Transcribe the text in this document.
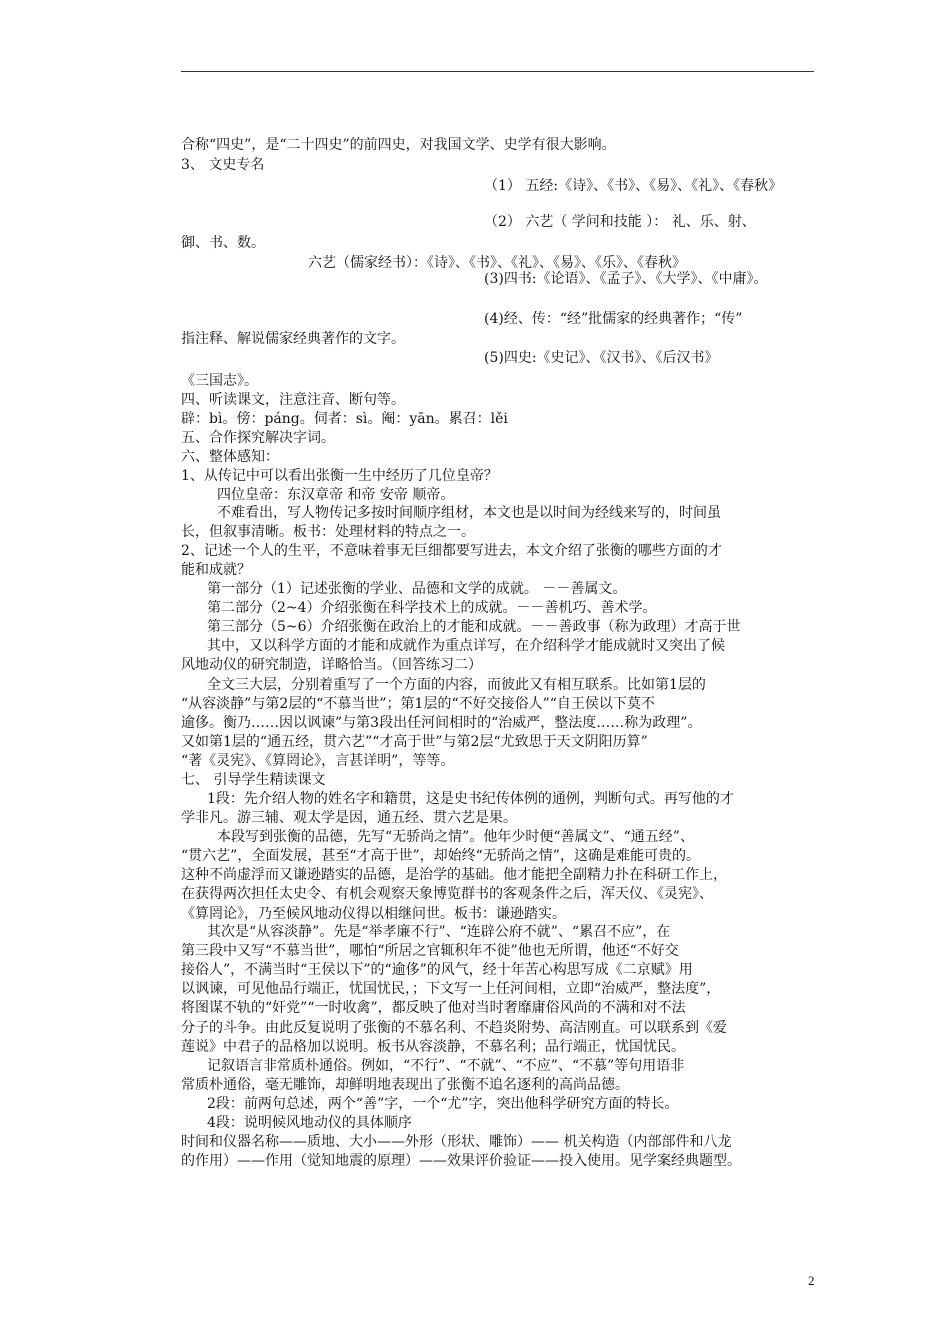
合称“四史”，是“二十四史”的前四史，对我国文学、史学有很大影响。
3、 文史专名
（1） 五经:《诗》、《书》、《易》、《礼》、《春秋》
（2） 六艺（ 学问和技能 ）： 礼、乐、射、
御、书、数。
六艺（儒家经书）：《诗》、《书》、《礼》、《易》、《乐》、《春秋》
(3)四书:《论语》、《孟子》、《大学》、《中庸》。
(4)经、传：“经”批儒家的经典著作；“传”
指注释、解说儒家经典著作的文字。
(5)四史:《史记》、《汉书》、《后汉书》
《三国志》。
四、听读课文，注意注音、断句等。
辟：bì。傍：páng。伺者：sì。阉：yān。累召：lěi
五、合作探究解决字词。
六、整体感知：
1、从传记中可以看出张衡一生中经历了几位皇帝？
四位皇帝：东汉章帝 和帝 安帝 顺帝。
不难看出，写人物传记多按时间顺序组材，本文也是以时间为经线来写的，时间虽
长，但叙事清晰。板书：处理材料的特点之一。
2、记述一个人的生平，不意味着事无巨细都要写进去，本文介绍了张衡的哪些方面的才
能和成就？
第一部分（1）记述张衡的学业、品德和文学的成就。 －－善属文。
第二部分（2~4）介绍张衡在科学技术上的成就。－－善机巧、善术学。
第三部分（5~6）介绍张衡在政治上的才能和成就。－－善政事（称为政理）才高于世
其中，又以科学方面的才能和成就作为重点详写，在介绍科学才能成就时又突出了候
风地动仪的研究制造，详略恰当。（回答练习二）
全文三大层，分别着重写了一个方面的内容，而彼此又有相互联系。比如第1层的
“从容淡静”与第2层的“不慕当世”；第1层的“不好交接俗人”“自王侯以下莫不
逾侈。衡乃……因以讽谏”与第3段出任河间相时的“治威严，整法度……称为政理”。
又如第1层的“通五经，贯六艺”“才高于世”与第2层“尤致思于天文阴阳历算”
“著《灵宪》、《算罔论》，言甚详明”，等等。
七、 引导学生精读课文
1段：先介绍人物的姓名字和籍贯，这是史书纪传体例的通例，判断句式。再写他的才
学非凡。游三辅、观太学是因，通五经、贯六艺是果。
本段写到张衡的品德，先写“无骄尚之情”。他年少时便“善属文”、“通五经”、
“贯六艺”，全面发展，甚至“才高于世”，却始终“无骄尚之情”，这确是难能可贵的。
这种不尚虚浮而又谦逊踏实的品德，是治学的基础。他才能把全副精力扑在科研工作上，
在获得两次担任太史令、有机会观察天象博览群书的客观条件之后，浑天仪、《灵宪》、
《算罔论》，乃至候风地动仪得以相继问世。板书：谦逊踏实。
其次是“从容淡静”。先是“举孝廉不行”、“连辟公府不就”、“累召不应”，在
第三段中又写“不慕当世”，哪怕“所居之官辄积年不徙”他也无所谓，他还“不好交
接俗人”，不满当时“王侯以下”的“逾侈”的风气，经十年苦心构思写成《二京赋》用
以讽谏，可见他品行端正，忧国忧民，；下文写一上任河间相，立即“治威严，整法度”，
将图谋不轨的“奸党”“一时收禽”，都反映了他对当时奢靡庸俗风尚的不满和对不法
分子的斗争。由此反复说明了张衡的不慕名利、不趋炎附势、高洁刚直。可以联系到《爱
莲说》中君子的品格加以说明。板书从容淡静，不慕名利；品行端正，忧国忧民。
记叙语言非常质朴通俗。例如，“不行”、“不就”、“不应”、“不慕”等句用语非
常质朴通俗，毫无雕饰，却鲜明地表现出了张衡不追名逐利的高尚品德。
2段：前两句总述，两个“善”字，一个“尤”字，突出他科学研究方面的特长。
4段：说明候风地动仪的具体顺序
时间和仪器名称——质地、大小——外形（形状、雕饰）—— 机关构造（内部部件和八龙
的作用）——作用（觉知地震的原理）——效果评价验证——投入使用。见学案经典题型。
2
